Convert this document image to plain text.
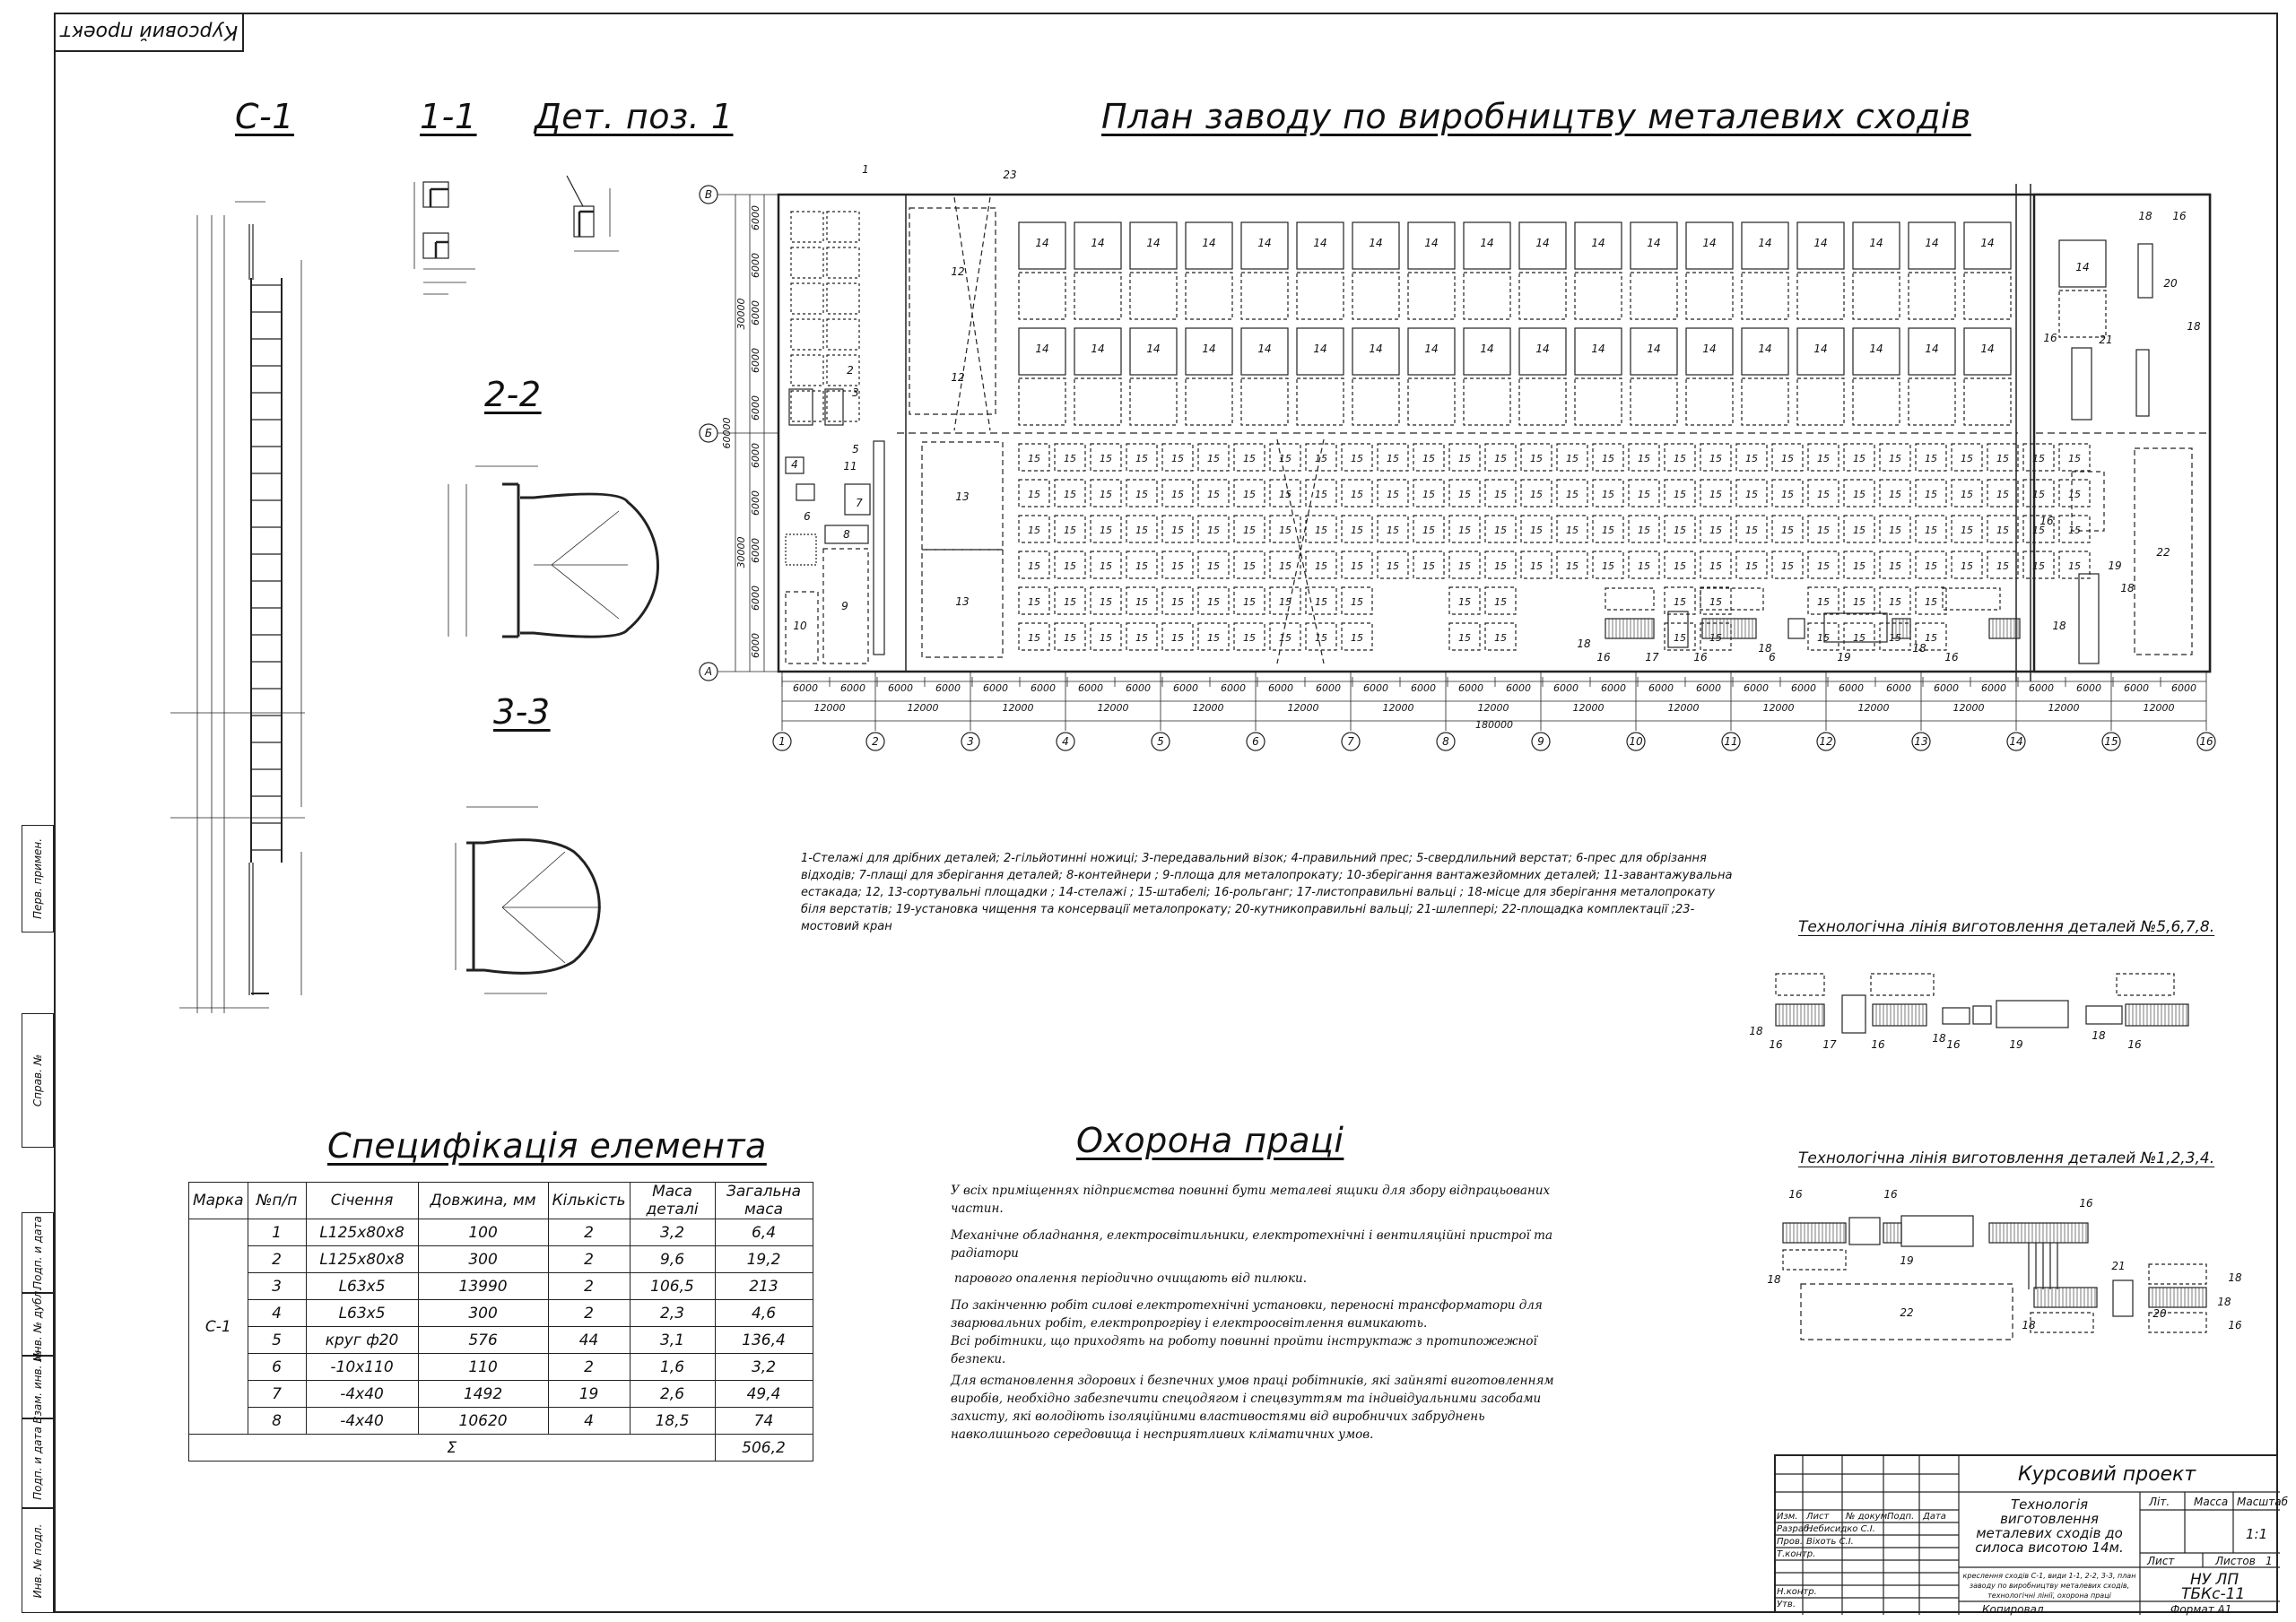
Курсовий проект
Перв. примен.
Справ. №
Подп. и дата
Инв. № дубл.
Взам. инв. №
Подп. и дата
Инв. № подл.
С-1	1-1 Дет. поз. 1	План заводу по виробництву металевих сходів
2-2
3-3
Специфікація елемента	Охорона праці
Технологічна лінія виготовлення деталей №5,6,7,8.
Технологічна лінія виготовлення деталей №1,2,3,4.
14	14	14	14	14	14	14	14	14	14	14	14	14	14	14	14	14	14
14	14	14	14	14	14	14	14	14	14	14	14	14	14	14	14	14	14
12
12
23
15 15
15 15
15 15
15 15
15 15
15 15
15 15
15 15
15 15
15 15
15 15
15 15
15 15
15 15
15 15
15 15
15 15
15 15
15 15
15 15
15 15
15 15
15 15
15 15
15 15
15 15
15 15
15 15
15 15
15 15
15 15
15 15
15 15
15 15
15 15
15 15
15 15
15 15
15 15
15 15
15 15
15 15
15 15
15 15
15 15
15 15
15 15
15 15
15 15
15 15
15 15
15 15
15 15
15 15
15 15
15 15
15 15
15 15
15 15
15 15
15 15
15 15
15 15
15 15
15 15
15 15
15 15
15 15
15 15
15 15
15 15
15 15
15 15
15 15
15 15
15 15
15 15
15 15
13
13
1
2
3
4
5
6
7
8
9
10
11
14
22
18 16
20
18
21
16
16
19
18
18
18
16	17	16
18
6	19
18
16
1	2	3	4	5	6	7	8	9	10	11	12	13	14	15	16
В
Б
А
6000 6000 6000 6000 6000 6000 6000 6000 6000 6000 6000 6000 6000 6000 6000 6000 6000 6000 6000 6000 6000 6000 6000 6000 6000 6000 6000 6000 6000 6000
12000	12000	12000	12000	12000	12000	12000	12000	12000	12000	12000	12000	12000	12000	12000
180000
6000
6000
6000
6000
6000
6000
6000
6000
6000
6000
30000
30000
60000
18
16	17	16	18 16	19
18
16
22
16	16
16
19	21
18
18
20
18
16
18
1-Стелажі для дрібних деталей; 2-гільйотинні ножиці; 3-передавальний візок; 4-правильний прес; 5-свердлильний верстат; 6-прес для обрізання відходів; 7-плащі для зберігання деталей; 8-контейнери ; 9-площа для металопрокату; 10-зберігання вантажезйомних деталей; 11-завантажувальна естакада; 12, 13-сортувальні площадки ; 14-стелажі ; 15-штабелі; 16-рольганг; 17-листоправильні вальці ; 18-місце для зберігання металопрокату біля верстатів; 19-установка чищення та консервації металопрокату; 20-кутникоправильні вальці; 21-шлеппері; 22-площадка комплектації ;23-мостовий кран
Марка	№п/п	Січення	Довжина, мм	Кількість	Маса деталі	Загальна маса
С-1	1	L125x80x8	100	2	3,2	6,4
	2	L125x80x8	300	2	9,6	19,2
	3	L63x5	13990	2	106,5	213
	4	L63x5	300	2	2,3	4,6
	5	круг ф20	576	44	3,1	136,4
	6	-10x110	110	2	1,6	3,2
	7	-4x40	1492	19	2,6	49,4
	8	-4x40	10620	4	18,5	74
Σ						506,2

У всіх приміщеннях підприємства повинні бути металеві ящики для збору відпрацьованих частин.

Механічне обладнання, електросвітильники, електротехнічні і вентиляційні пристрої та радіатори

парового опалення періодично очищають від пилюки.

По закінченню робіт силові електротехнічні установки, переносні трансформатори для зварювальних робіт, електропрогріву і електроосвітлення вимикають.

Всі робітники, що приходять на роботу повинні пройти інструктаж з протипожежної безпеки.

Для встановлення здорових і безпечних умов праці робітників, які зайняті виготовленням виробів, необхідно забезпечити спецодягом і спецвзуттям та індивідуальними засобами захисту, які володіють ізоляційними властивостями від виробничих забруднень навколишнього середовища і несприятливих кліматичних умов.

Курсовий проект
Технологія виготовлення металевих сходів до силоса висотою 14м.
креслення сходів С-1, види 1-1, 2-2, 3-3, план заводу по виробництву металевих сходів, технологічні лінії, охорона праці
Літ. Масса Масштаб
1:1
Лист	Листов 1
НУ ЛП
ТБКс-11
Копировал	Формат А1
Изм. Лист № докум.
Подп. Дата
Разраб.
Пров.
Т.контр.
Н.контр.
Утв.
Небисидко С.І.
Віхоть С.І.
